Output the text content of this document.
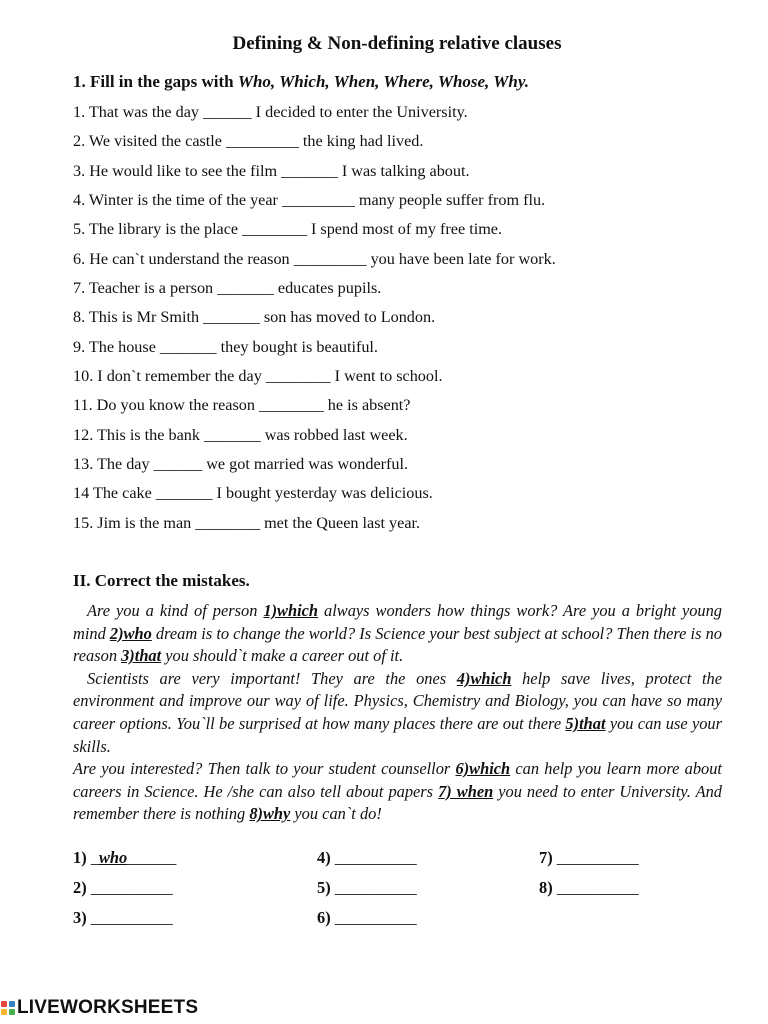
Defining & Non-defining relative clauses
1. Fill in the gaps with Who, Which, When, Where, Whose, Why.
1. That was the day ______ I decided to enter the University.
2. We visited the castle _________ the king had lived.
3. He would like to see the film _______ I was talking about.
4. Winter is the time of the year _________ many people suffer from flu.
5. The library is the place ________ I spend most of my free time.
6. He can`t understand the reason _________ you have been late for work.
7. Teacher is a person _______ educates pupils.
8. This is Mr Smith _______ son has moved to London.
9. The house _______ they bought is beautiful.
10. I don`t remember the day ________ I went to school.
11. Do you know the reason ________ he is absent?
12. This is the bank _______ was robbed last week.
13. The day ______ we got married was wonderful.
14 The cake _______ I bought yesterday was delicious.
15. Jim is the man ________ met the Queen last year.
II. Correct the mistakes.

Are you a kind of person 1)which always wonders how things work? Are you a bright young mind 2)who dream is to change the world? Is Science your best subject at school? Then there is no reason 3)that you should`t make a career out of it.

Scientists are very important! They are the ones 4)which help save lives, protect the environment and improve our way of life. Physics, Chemistry and Biology, you can have so many career options. You`ll be surprised at how many places there are out there 5)that you can use your skills.

Are you interested? Then talk to your student counsellor 6)which can help you learn more about careers in Science. He /she can also tell about papers 7) when you need to enter University. And remember there is nothing 8)why you can`t do!

1) _who______
2) __________
3) __________
4) __________
5) __________
6) __________
7) __________
8) __________
LIVEWORKSHEETS
